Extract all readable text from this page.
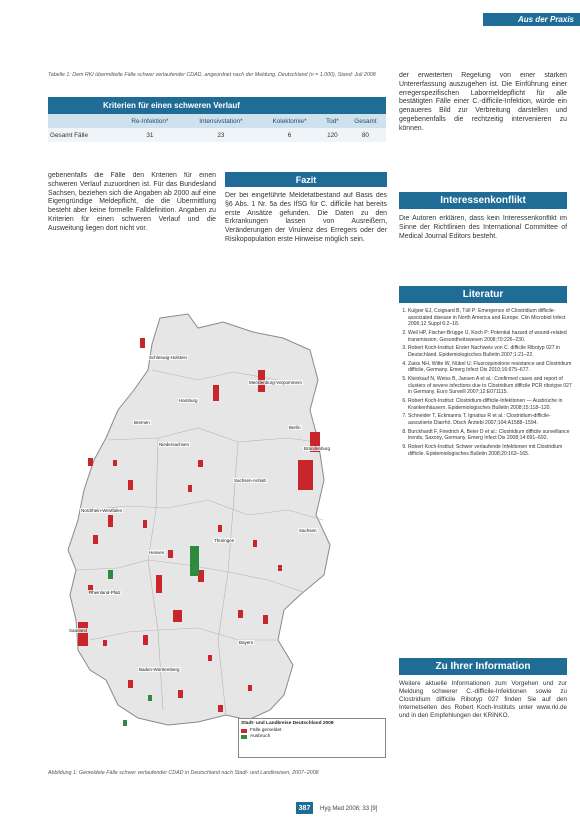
Aus der Praxis
Tabelle 1: Dem RKI übermittelte Fälle schwer verlaufender CDAD, angeordnet nach der Meldung. Deutschland (n = 1.000), Stand: Juli 2008
Kriterien für einen schweren Verlauf					
	Re-Infektion*	Intensivstation*	Kolektomie*	Tod*	Gesamt
Gesamt Fälle	31	23	6	120	80
gebenenfalls die Fälle den Kriterien für einen schweren Verlauf zuzuordnen ist. Für das Bundesland Sachsen, beziehen sich die Angaben ab 2000 auf eine Eigengründige Meldepflicht, die die Übermittlung besteht aber keine formelle Falldefinition. Angaben zu Kriterien für einen schweren Verlauf und die Ausweitung liegen dort nicht vor.
Fazit
Der bei eingeführte Meldetatbestand auf Basis des §6 Abs. 1 Nr. 5a des IfSG für C. difficile hat bereits erste Ansätze gefunden. Die Daten zu den Erkrankungen lassen von Ausreißern, Veränderungen der Virulenz des Erregers oder der Risikopopulation erste Hinweise möglich sein.
der erweiterten Regelung von einer starken Untererfassung auszugehen ist. Die Einführung einer erregerspezifischen Labormeldepflicht für alle bestätigten Fälle einer C.-difficile-Infektion, würde ein genaueres Bild zur Verbreitung darstellen und gegebenenfalls die rechtzeitig intervenieren zu können.
Interessenkonflikt
Die Autoren erklären, dass kein Interessenkonflikt im Sinne der Richtlinien des International Committee of Medical Journal Editors besteht.
Literatur
1. Kuijper EJ, Coignard B, Tüll P: Emergence of Clostridium difficile-associated disease in North America and Europe. Clin Microbiol Infect 2006;12 Suppl 6:2–18.
2. Weil HP, Fischer-Brügge U, Koch P: Potential hazard of wound-related transmission. Gesundheitswesen 2008;70:226–230.
3. Robert Koch-Institut: Erster Nachweis von C. difficile Ribotyp 027 in Deutschland. Epidemiologisches Bulletin 2007;1:21–22.
4. Zaiss NH, Witte W, Nübel U: Fluoroquinolone resistance and Clostridium difficile, Germany. Emerg Infect Dis 2010;16:675–677.
5. Kleinkauf N, Weiss B, Jansen A et al.: Confirmed cases and report of clusters of severe infections due to Clostridium difficile PCR ribotype 027 in Germany. Euro Surveill 2007;12:E071115.
6. Robert Koch-Institut: Clostridium-difficile-Infektionen — Ausbrüche in Krankenhäusern. Epidemiologisches Bulletin 2008;15:118–120.
7. Schneider T, Eckmanns T, Ignatius R et al.: Clostridium-difficile-assoziierte Diarrhö. Dtsch Ärztebl 2007;104:A1588–1594.
8. Burckhardt F, Friedrich A, Beier D et al.: Clostridium difficile surveillance trends, Saxony, Germany. Emerg Infect Dis 2008;14:691–692.
9. Robert Koch-Institut: Schwer verlaufende Infektionen mit Clostridium difficile. Epidemiologisches Bulletin 2008;20:163–165.
Zu Ihrer Information
Weitere aktuelle Informationen zum Vorgehen und zur Meldung schwerer C.-difficile-Infektionen sowie zu Clostridium difficile Ribotyp 027 finden Sie auf den Internetseiten des Robert Koch-Instituts unter www.rki.de und in den Empfehlungen der KRINKO.
Schleswig-Holstein
Mecklenburg-Vorpommern
Hamburg
Bremen
Niedersachsen
Berlin
Brandenburg
Sachsen-Anhalt
Nordrhein-Westfalen
Sachsen
Thüringen
Hessen
Rheinland-Pfalz
Saarland
Bayern
Baden-Württemberg
Stadt- und Landkreise Deutschland 2008
Fälle gemeldet
Ausbruch
Abbildung 1: Gemeldete Fälle schwer verlaufender CDAD in Deutschland nach Stadt- und Landkreisen, 2007–2008
387	Hyg Med 2008; 33 [9]
